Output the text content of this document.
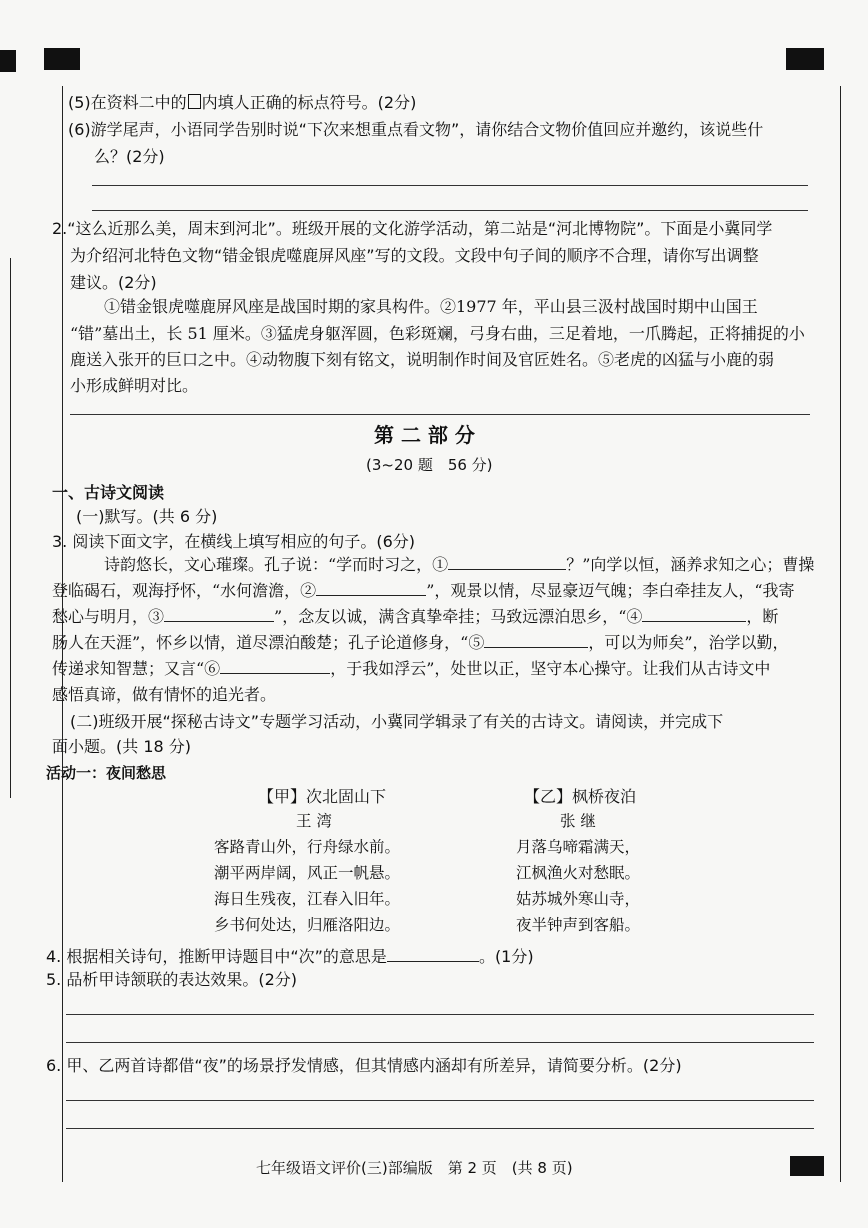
(5)在资料二中的 内填人正确的标点符号。(2分)
(6)游学尾声，小语同学告别时说“下次来想重点看文物”，请你结合文物价值回应并邀约，该说些什
么？(2分)
2.“这么近那么美，周末到河北”。班级开展的文化游学活动，第二站是“河北博物院”。下面是小冀同学
为介绍河北特色文物“错金银虎噬鹿屏风座”写的文段。文段中句子间的顺序不合理，请你写出调整
建议。(2分)
①错金银虎噬鹿屏风座是战国时期的家具构件。②1977 年，平山县三汲村战国时期中山国王
“错”墓出土，长 51 厘米。③猛虎身躯浑圆，色彩斑斓，弓身右曲，三足着地，一爪腾起，正将捕捉的小
鹿送入张开的巨口之中。④动物腹下刻有铭文，说明制作时间及官匠姓名。⑤老虎的凶猛与小鹿的弱
小形成鲜明对比。
第 二 部 分
(3~20 题　56 分)
一、古诗文阅读
(一)默写。(共 6 分)
3. 阅读下面文字，在横线上填写相应的句子。(6分)
诗韵悠长，文心璀璨。孔子说：“学而时习之，①	？”向学以恒，涵养求知之心；曹操
登临碣石，观海抒怀，“水何澹澹，②	”，观景以情，尽显豪迈气魄；李白牵挂友人，“我寄
愁心与明月，③	”，念友以诚，满含真挚牵挂；马致远漂泊思乡，“④	，断
肠人在天涯”，怀乡以情，道尽漂泊酸楚；孔子论道修身，“⑤	，可以为师矣”，治学以勤，
传递求知智慧；又言“⑥	，于我如浮云”，处世以正，坚守本心操守。让我们从古诗文中
感悟真谛，做有情怀的追光者。
(二)班级开展“探秘古诗文”专题学习活动，小冀同学辑录了有关的古诗文。请阅读，并完成下
面小题。(共 18 分)
活动一：夜间愁思
【甲】次北固山下
王 湾
客路青山外，行舟绿水前。
潮平两岸阔，风正一帆悬。
海日生残夜，江春入旧年。
乡书何处达，归雁洛阳边。
【乙】枫桥夜泊
张 继
月落乌啼霜满天，
江枫渔火对愁眠。
姑苏城外寒山寺，
夜半钟声到客船。
4. 根据相关诗句，推断甲诗题目中“次”的意思是	。(1分)
5. 品析甲诗颔联的表达效果。(2分)
6. 甲、乙两首诗都借“夜”的场景抒发情感，但其情感内涵却有所差异，请简要分析。(2分)
七年级语文评价(三)部编版　第 2 页　(共 8 页)
